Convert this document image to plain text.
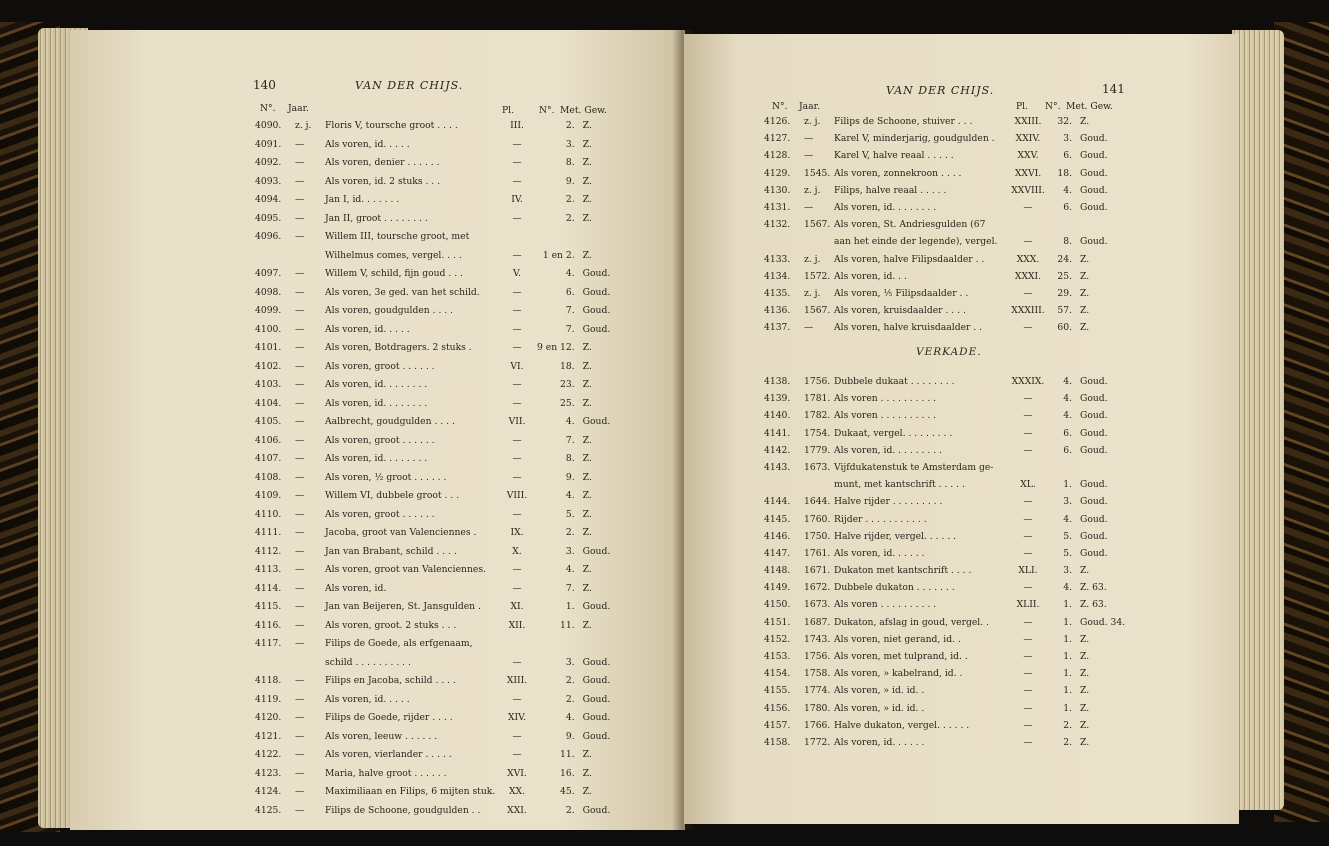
140	VAN DER CHIJS.
N°. Jaar.	Pl.	N°. Met. Gew.
4090.	z. j.	Floris V, toursche groot . . . .	III.	2.	Z.
4091.	—	Als voren, id. . . . .	—	3.	Z.
4092.	—	Als voren, denier . . . . . .	—	8.	Z.
4093.	—	Als voren, id. 2 stuks . . .	—	9.	Z.
4094.	—	Jan I, id. . . . . . .	IV.	2.	Z.
4095.	—	Jan II, groot . . . . . . . .	—	2.	Z.
4096.	—	Willem III, toursche groot, met			
		Wilhelmus comes, vergel. . . .	—	1 en 2.	Z.
4097.	—	Willem V, schild, fijn goud . . .	V.	4.	Goud.
4098.	—	Als voren, 3e ged. van het schild.	—	6.	Goud.
4099.	—	Als voren, goudgulden . . . .	—	7.	Goud.
4100.	—	Als voren, id. . . . .	—	7.	Goud.
4101.	—	Als voren, Botdragers. 2 stuks .	—	9 en 12.	Z.
4102.	—	Als voren, groot . . . . . .	VI.	18.	Z.
4103.	—	Als voren, id. . . . . . . .	—	23.	Z.
4104.	—	Als voren, id. . . . . . . .	—	25.	Z.
4105.	—	Aalbrecht, goudgulden . . . .	VII.	4.	Goud.
4106.	—	Als voren, groot . . . . . .	—	7.	Z.
4107.	—	Als voren, id. . . . . . . .	—	8.	Z.
4108.	—	Als voren, ½ groot . . . . . .	—	9.	Z.
4109.	—	Willem VI, dubbele groot . . .	VIII.	4.	Z.
4110.	—	Als voren, groot . . . . . .	—	5.	Z.
4111.	—	Jacoba, groot van Valenciennes .	IX.	2.	Z.
4112.	—	Jan van Brabant, schild . . . .	X.	3.	Goud.
4113.	—	Als voren, groot van Valenciennes.	—	4.	Z.
4114.	—	Als voren, id.	—	7.	Z.
4115.	—	Jan van Beijeren, St. Jansgulden .	XI.	1.	Goud.
4116.	—	Als voren, groot. 2 stuks . . .	XII.	11.	Z.
4117.	—	Filips de Goede, als erfgenaam,			
		schild . . . . . . . . . .	—	3.	Goud.
4118.	—	Filips en Jacoba, schild . . . .	XIII.	2.	Goud.
4119.	—	Als voren, id. . . . .	—	2.	Goud.
4120.	—	Filips de Goede, rijder . . . .	XIV.	4.	Goud.
4121.	—	Als voren, leeuw . . . . . .	—	9.	Goud.
4122.	—	Als voren, vierlander . . . . .	—	11.	Z.
4123.	—	Maria, halve groot . . . . . .	XVI.	16.	Z.
4124.	—	Maximiliaan en Filips, 6 mijten stuk.	XX.	45.	Z.
4125.	—	Filips de Schoone, goudgulden . .	XXI.	2.	Goud.
VAN DER CHIJS.	141
N°. Jaar.	Pl. N°. Met. Gew.
4126.	z. j.	Filips de Schoone, stuiver . . .	XXIII.	32.	Z.
4127.	—	Karel V, minderjarig, goudgulden .	XXIV.	3.	Goud.
4128.	—	Karel V, halve reaal . . . . .	XXV.	6.	Goud.
4129.	1545.	Als voren, zonnekroon . . . .	XXVI.	18.	Goud.
4130.	z. j.	Filips, halve reaal . . . . .	XXVIII.	4.	Goud.
4131.	—	Als voren, id. . . . . . . .	—	6.	Goud.
4132.	1567.	Als voren, St. Andriesgulden (67			
		aan het einde der legende), vergel.	—	8.	Goud.
4133.	z. j.	Als voren, halve Filipsdaalder . .	XXX.	24.	Z.
4134.	1572.	Als voren, id. . .	XXXI.	25.	Z.
4135.	z. j.	Als voren, ⅕ Filipsdaalder . .	—	29.	Z.
4136.	1567.	Als voren, kruisdaalder . . . .	XXXIII.	57.	Z.
4137.	—	Als voren, halve kruisdaalder . .	—	60.	Z.
VERKADE.
4138.	1756.	Dubbele dukaat . . . . . . . .	XXXIX.	4.	Goud.
4139.	1781.	Als voren . . . . . . . . . .	—	4.	Goud.
4140.	1782.	Als voren . . . . . . . . . .	—	4.	Goud.
4141.	1754.	Dukaat, vergel. . . . . . . . .	—	6.	Goud.
4142.	1779.	Als voren, id. . . . . . . . .	—	6.	Goud.
4143.	1673.	Vijfdukatenstuk te Amsterdam ge-			
		munt, met kantschrift . . . . .	XL.	1.	Goud.
4144.	1644.	Halve rijder . . . . . . . . .	—	3.	Goud.
4145.	1760.	Rijder . . . . . . . . . . .	—	4.	Goud.
4146.	1750.	Halve rijder, vergel. . . . . .	—	5.	Goud.
4147.	1761.	Als voren, id. . . . . .	—	5.	Goud.
4148.	1671.	Dukaton met kantschrift . . . .	XLI.	3.	Z.
4149.	1672.	Dubbele dukaton . . . . . . .	—	4.	Z. 63.
4150.	1673.	Als voren . . . . . . . . . .	XLII.	1.	Z. 63.
4151.	1687.	Dukaton, afslag in goud, vergel. .	—	1.	Goud. 34.
4152.	1743.	Als voren, niet gerand, id. .	—	1.	Z.
4153.	1756.	Als voren, met tulprand, id. .	—	1.	Z.
4154.	1758.	Als voren, » kabelrand, id. .	—	1.	Z.
4155.	1774.	Als voren, » id. id. .	—	1.	Z.
4156.	1780.	Als voren, » id. id. .	—	1.	Z.
4157.	1766.	Halve dukaton, vergel. . . . . .	—	2.	Z.
4158.	1772.	Als voren, id. . . . . .	—	2.	Z.
